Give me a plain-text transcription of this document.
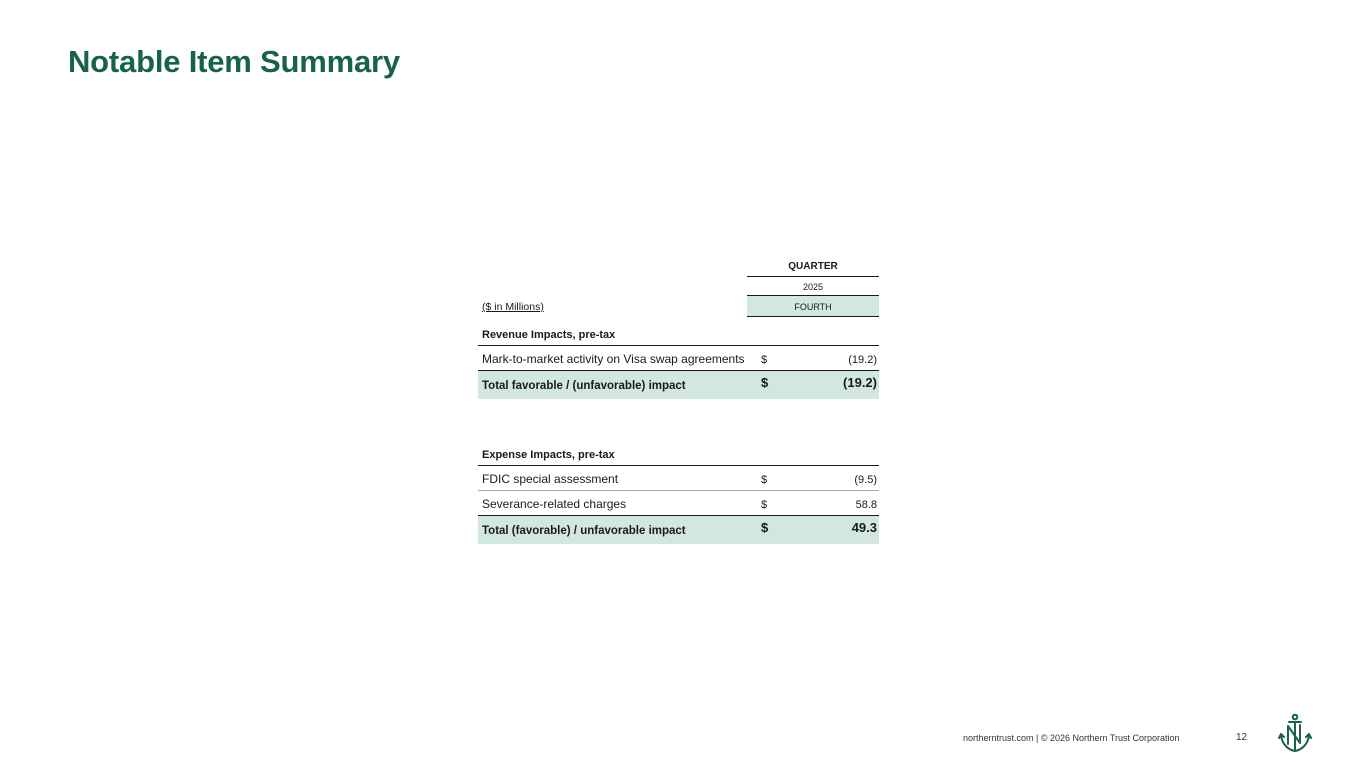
Notable Item Summary
QUARTER
2025
($ in Millions)	FOURTH
Revenue Impacts, pre-tax
Mark-to-market activity on Visa swap agreements $	(19.2)
Total favorable / (unfavorable) impact	$	(19.2)
Expense Impacts, pre-tax
FDIC special assessment	$	(9.5)
Severance-related charges	$	58.8
Total (favorable) / unfavorable impact	$	49.3
northerntrust.com | © 2026 Northern Trust Corporation	12
